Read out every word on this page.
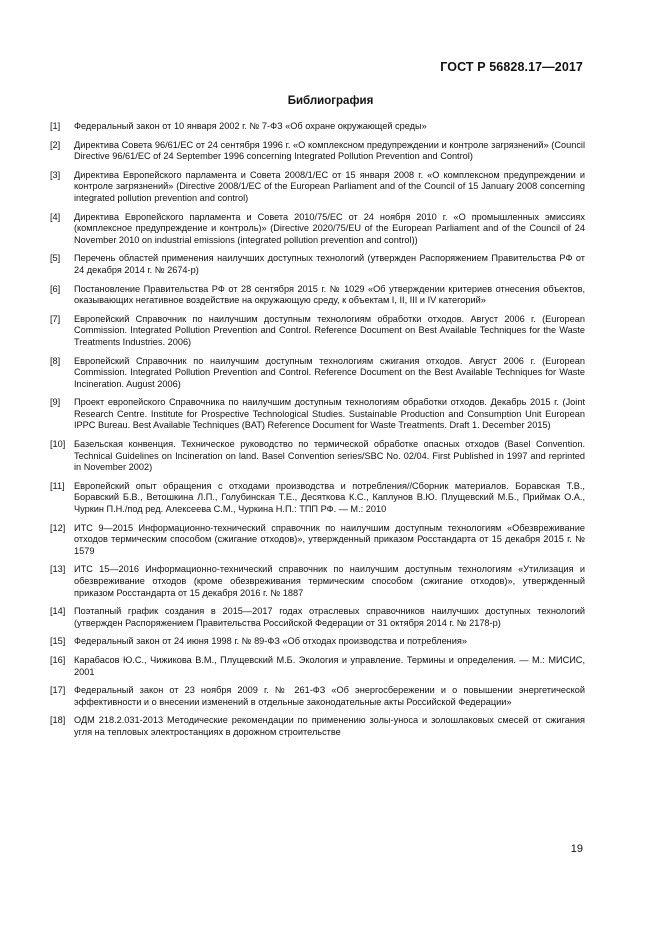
ГОСТ Р 56828.17—2017
Библиография
[1] Федеральный закон от 10 января 2002 г. № 7-ФЗ «Об охране окружающей среды»
[2] Директива Совета 96/61/ЕС от 24 сентября 1996 г. «О комплексном предупреждении и контроле загрязнений» (Council Directive 96/61/EC of 24 September 1996 concerning Integrated Pollution Prevention and Control)
[3] Директива Европейского парламента и Совета 2008/1/ЕС от 15 января 2008 г. «О комплексном предупреждении и контроле загрязнений» (Directive 2008/1/EC of the European Parliament and of the Council of 15 January 2008 concerning integrated pollution prevention and control)
[4] Директива Европейского парламента и Совета 2010/75/ЕС от 24 ноября 2010 г. «О промышленных эмиссиях (комплексное предупреждение и контроль)» (Directive 2020/75/EU of the European Parliament and of the Council of 24 November 2010 on industrial emissions (integrated pollution prevention and control))
[5] Перечень областей применения наилучших доступных технологий (утвержден Распоряжением Правительства РФ от 24 декабря 2014 г. № 2674-р)
[6] Постановление Правительства РФ от 28 сентября 2015 г. № 1029 «Об утверждении критериев отнесения объектов, оказывающих негативное воздействие на окружающую среду, к объектам I, II, III и IV категорий»
[7] Европейский Справочник по наилучшим доступным технологиям обработки отходов. Август 2006 г. (European Commission. Integrated Pollution Prevention and Control. Reference Document on Best Available Techniques for the Waste Treatments Industries. 2006)
[8] Европейский Справочник по наилучшим доступным технологиям сжигания отходов. Август 2006 г. (European Commission. Integrated Pollution Prevention and Control. Reference Document on the Best Available Techniques for Waste Incineration. August 2006)
[9] Проект европейского Справочника по наилучшим доступным технологиям обработки отходов. Декабрь 2015 г. (Joint Research Centre. Institute for Prospective Technological Studies. Sustainable Production and Consumption Unit European IPPC Bureau. Best Available Techniques (BAT) Reference Document for Waste Treatments. Draft 1. December 2015)
[10] Базельская конвенция. Техническое руководство по термической обработке опасных отходов (Basel Convention. Technical Guidelines on Incineration on land. Basel Convention series/SBC No. 02/04. First Published in 1997 and reprinted in November 2002)
[11] Европейский опыт обращения с отходами производства и потребления//Сборник материалов. Боравская Т.В., Боравский Б.В., Ветошкина Л.П., Голубинская Т.Е., Десяткова К.С., Каплунов В.Ю. Плущевский М.Б., Приймак О.А., Чуркин П.Н./под ред. Алексеева С.М., Чуркина Н.П.: ТПП РФ. — М.: 2010
[12] ИТС 9—2015 Информационно-технический справочник по наилучшим доступным технологиям «Обезвреживание отходов термическим способом (сжигание отходов)», утвержденный приказом Росстандарта от 15 декабря 2015 г. № 1579
[13] ИТС 15—2016 Информационно-технический справочник по наилучшим доступным технологиям «Утилизация и обезвреживание отходов (кроме обезвреживания термическим способом (сжигание отходов)», утвержденный приказом Росстандарта от 15 декабря 2016 г. № 1887
[14] Поэтапный график создания в 2015—2017 годах отраслевых справочников наилучших доступных технологий (утвержден Распоряжением Правительства Российской Федерации от 31 октября 2014 г. № 2178-р)
[15] Федеральный закон от 24 июня 1998 г. № 89-ФЗ «Об отходах производства и потребления»
[16] Карабасов Ю.С., Чижикова В.М., Плущевский М.Б. Экология и управление. Термины и определения. — М.: МИСИС, 2001
[17] Федеральный закон от 23 ноября 2009 г. № 261-ФЗ «Об энергосбережении и о повышении энергетической эффективности и о внесении изменений в отдельные законодательные акты Российской Федерации»
[18] ОДМ 218.2.031-2013 Методические рекомендации по применению золы-уноса и золошлаковых смесей от сжигания угля на тепловых электростанциях в дорожном строительстве
19
